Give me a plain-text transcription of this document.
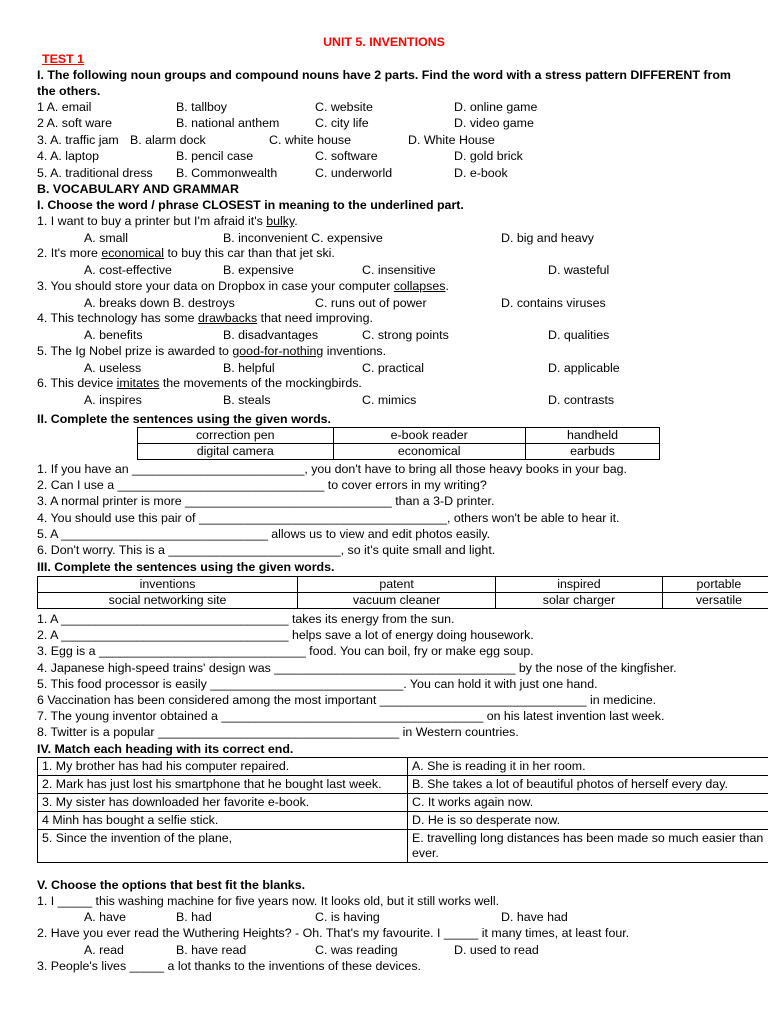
UNIT 5. INVENTIONS
TEST 1
I. The following noun groups and compound nouns have 2 parts. Find the word with a stress pattern DIFFERENT from
the others.
1 A. email	B. tallboy	C. website	D. online game
2 A. soft ware	B. national anthem	C. city life	D. video game
3. A. traffic jam B. alarm dock	C. white house	D. White House
4. A. laptop	B. pencil case	C. software	D. gold brick
5. A. traditional dress B. Commonwealth	C. underworld	D. e-book
B. VOCABULARY AND GRAMMAR
I. Choose the word / phrase CLOSEST in meaning to the underlined part.
1. I want to buy a printer but I'm afraid it's bulky.
A. small	B. inconvenient C. expensive	D. big and heavy
2. It's more economical to buy this car than that jet ski.
A. cost-effective	B. expensive	C. insensitive	D. wasteful
3. You should store your data on Dropbox in case your computer collapses.
A. breaks down B. destroys	C. runs out of power	D. contains viruses
4. This technology has some drawbacks that need improving.
A. benefits	B. disadvantages	C. strong points	D. qualities
5. The Ig Nobel prize is awarded to good-for-nothing inventions.
A. useless	B. helpful	C. practical	D. applicable
6. This device imitates the movements of the mockingbirds.
A. inspires	B. steals	C. mimics	D. contrasts
II. Complete the sentences using the given words.
correction pen	e-book reader	handheld
digital camera	economical	earbuds
1. If you have an _________________________, you don't have to bring all those heavy books in your bag.
2. Can I use a ______________________________ to cover errors in my writing?
3. A normal printer is more ______________________________ than a 3-D printer.
4. You should use this pair of ____________________________________, others won't be able to hear it.
5. A ______________________________ allows us to view and edit photos easily.
6. Don't worry. This is a _________________________, so it's quite small and light.
III. Complete the sentences using the given words.
inventions	patent	inspired	portable
social networking site	vacuum cleaner	solar charger	versatile
1. A _________________________________ takes its energy from the sun.
2. A _________________________________ helps save a lot of energy doing housework.
3. Egg is a ______________________________ food. You can boil, fry or make egg soup.
4. Japanese high-speed trains' design was ___________________________________ by the nose of the kingfisher.
5. This food processor is easily ____________________________. You can hold it with just one hand.
6 Vaccination has been considered among the most important ______________________________ in medicine.
7. The young inventor obtained a ______________________________________ on his latest invention last week.
8. Twitter is a popular ___________________________________ in Western countries.
IV. Match each heading with its correct end.
1. My brother has had his computer repaired.	A. She is reading it in her room.
2. Mark has just lost his smartphone that he bought last week.	B. She takes a lot of beautiful photos of herself every day.
3. My sister has downloaded her favorite e-book.	C. It works again now.
4 Minh has bought a selfie stick.	D. He is so desperate now.
5. Since the invention of the plane,	E. travelling long distances has been made so much easier than ever.
V. Choose the options that best fit the blanks.
1. I _____ this washing machine for five years now. It looks old, but it still works well.
A. have	B. had	C. is having	D. have had
2. Have you ever read the Wuthering Heights? - Oh. That's my favourite. I _____ it many times, at least four.
A. read	B. have read	C. was reading	D. used to read
3. People's lives _____ a lot thanks to the inventions of these devices.
